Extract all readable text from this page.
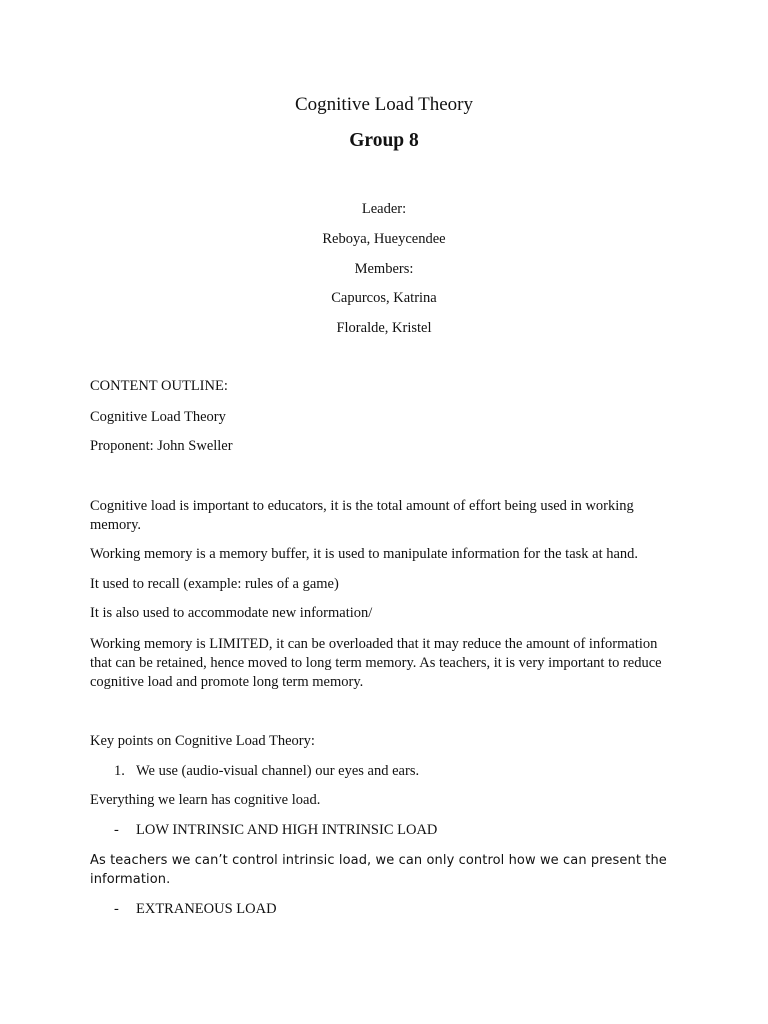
Cognitive Load Theory

Group 8

Leader:

Reboya, Hueycendee

Members:

Capurcos, Katrina

Floralde, Kristel

CONTENT OUTLINE:

Cognitive Load Theory

Proponent: John Sweller

Cognitive load is important to educators, it is the total amount of effort being used in working memory.

Working memory is a memory buffer, it is used to manipulate information for the task at hand.

It used to recall (example: rules of a game)

It is also used to accommodate new information/

Working memory is LIMITED, it can be overloaded that it may reduce the amount of information that can be retained, hence moved to long term memory. As teachers, it is very important to reduce cognitive load and promote long term memory.

Key points on Cognitive Load Theory:

1. We use (audio-visual channel) our eyes and ears.

Everything we learn has cognitive load.

- LOW INTRINSIC AND HIGH INTRINSIC LOAD

As teachers we can’t control intrinsic load, we can only control how we can present the information.

- EXTRANEOUS LOAD
